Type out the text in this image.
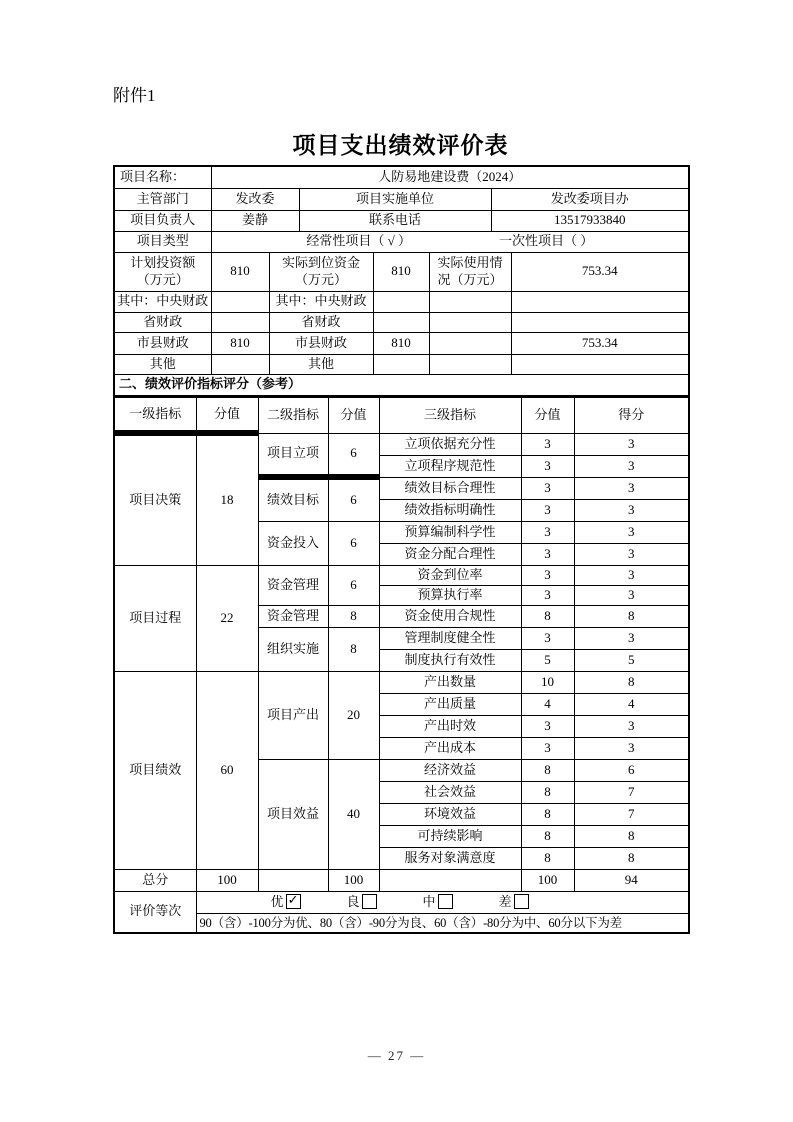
附件1
项目支出绩效评价表
项目名称：	人防易地建设费（2024）						
主管部门	发改委		项目实施单位			发改委项目办	
项目负责人	姜静		联系电话			13517933840	
项目类型	经常性项目（ √ ） 一次性项目（ ）						

计划投资额 （万元）	810	实际到位资金（万元）		810	实际使用情况（万元）		753.34
其中：中央财政		其中：中央财政					
省财政		省财政					
市县财政	810	市县财政		810			753.34
其他		其他					
二、绩效评价指标评分（参考）							
一级指标	分值	二级指标	分值	三级指标	分值	得分
项目决策	18	项目立项	6	立项依据充分性	3	3
				立项程序规范性	3	3
		绩效目标	6	绩效目标合理性	3	3
				绩效指标明确性	3	3
		资金投入	6	预算编制科学性	3	3
				资金分配合理性	3	3
项目过程	22	资金管理	6	资金到位率	3	3
				预算执行率	3	3
		资金管理	8	资金使用合规性	8	8
		组织实施	8	管理制度健全性	3	3
				制度执行有效性	5	5
项目绩效	60	项目产出	20	产出数量	10	8
				产出质量	4	4
				产出时效	3	3
				产出成本	3	3
		项目效益	40	经济效益	8	6
				社会效益	8	7
				环境效益	8	7
				可持续影响	8	8
				服务对象满意度	8	8
总分	100		100		100	94
评价等次	优 ✓ 良 中 差					

	90（含）-100分为优、80（含）-90分为良、60（含）-80分为中、60分以下为差					
— 27 —
